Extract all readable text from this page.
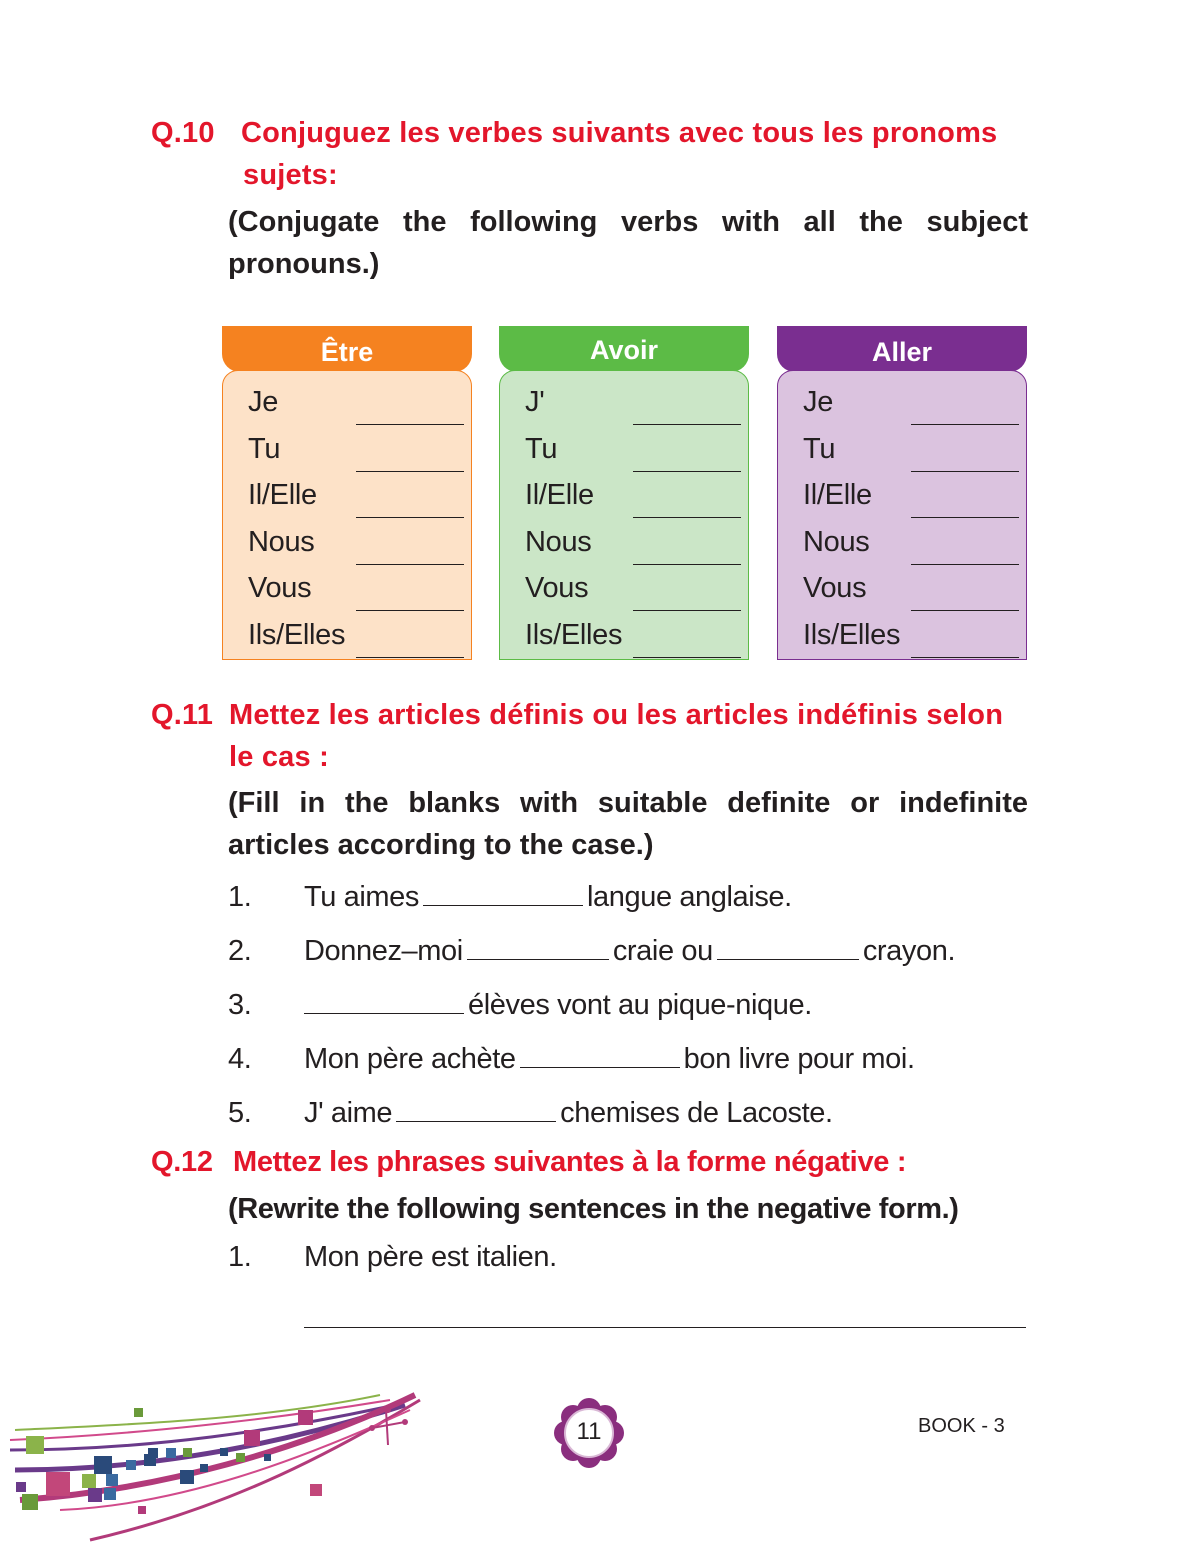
Q.10 Conjuguez les verbes suivants avec tous les pronoms
sujets:
(Conjugate the following verbs with all the subject
pronouns.)
Être
Je
Tu
Il/Elle
Nous
Vous
Ils/Elles
Avoir
J'
Tu
Il/Elle
Nous
Vous
Ils/Elles
Aller
Je
Tu
Il/Elle
Nous
Vous
Ils/Elles
Q.11 Mettez les articles définis ou les articles indéfinis selon
le cas :
(Fill in the blanks with suitable definite or indefinite
articles according to the case.)
1.	Tu aimes	langue anglaise.
2.	Donnez–moi	craie ou	crayon.
3.	élèves vont au pique-nique.
4.	Mon père achète	bon livre pour moi.
5.	J' aime	chemises de Lacoste.
Q.12 Mettez les phrases suivantes à la forme négative :
(Rewrite the following sentences in the negative form.)
1.	Mon père est italien.
11	BOOK - 3
